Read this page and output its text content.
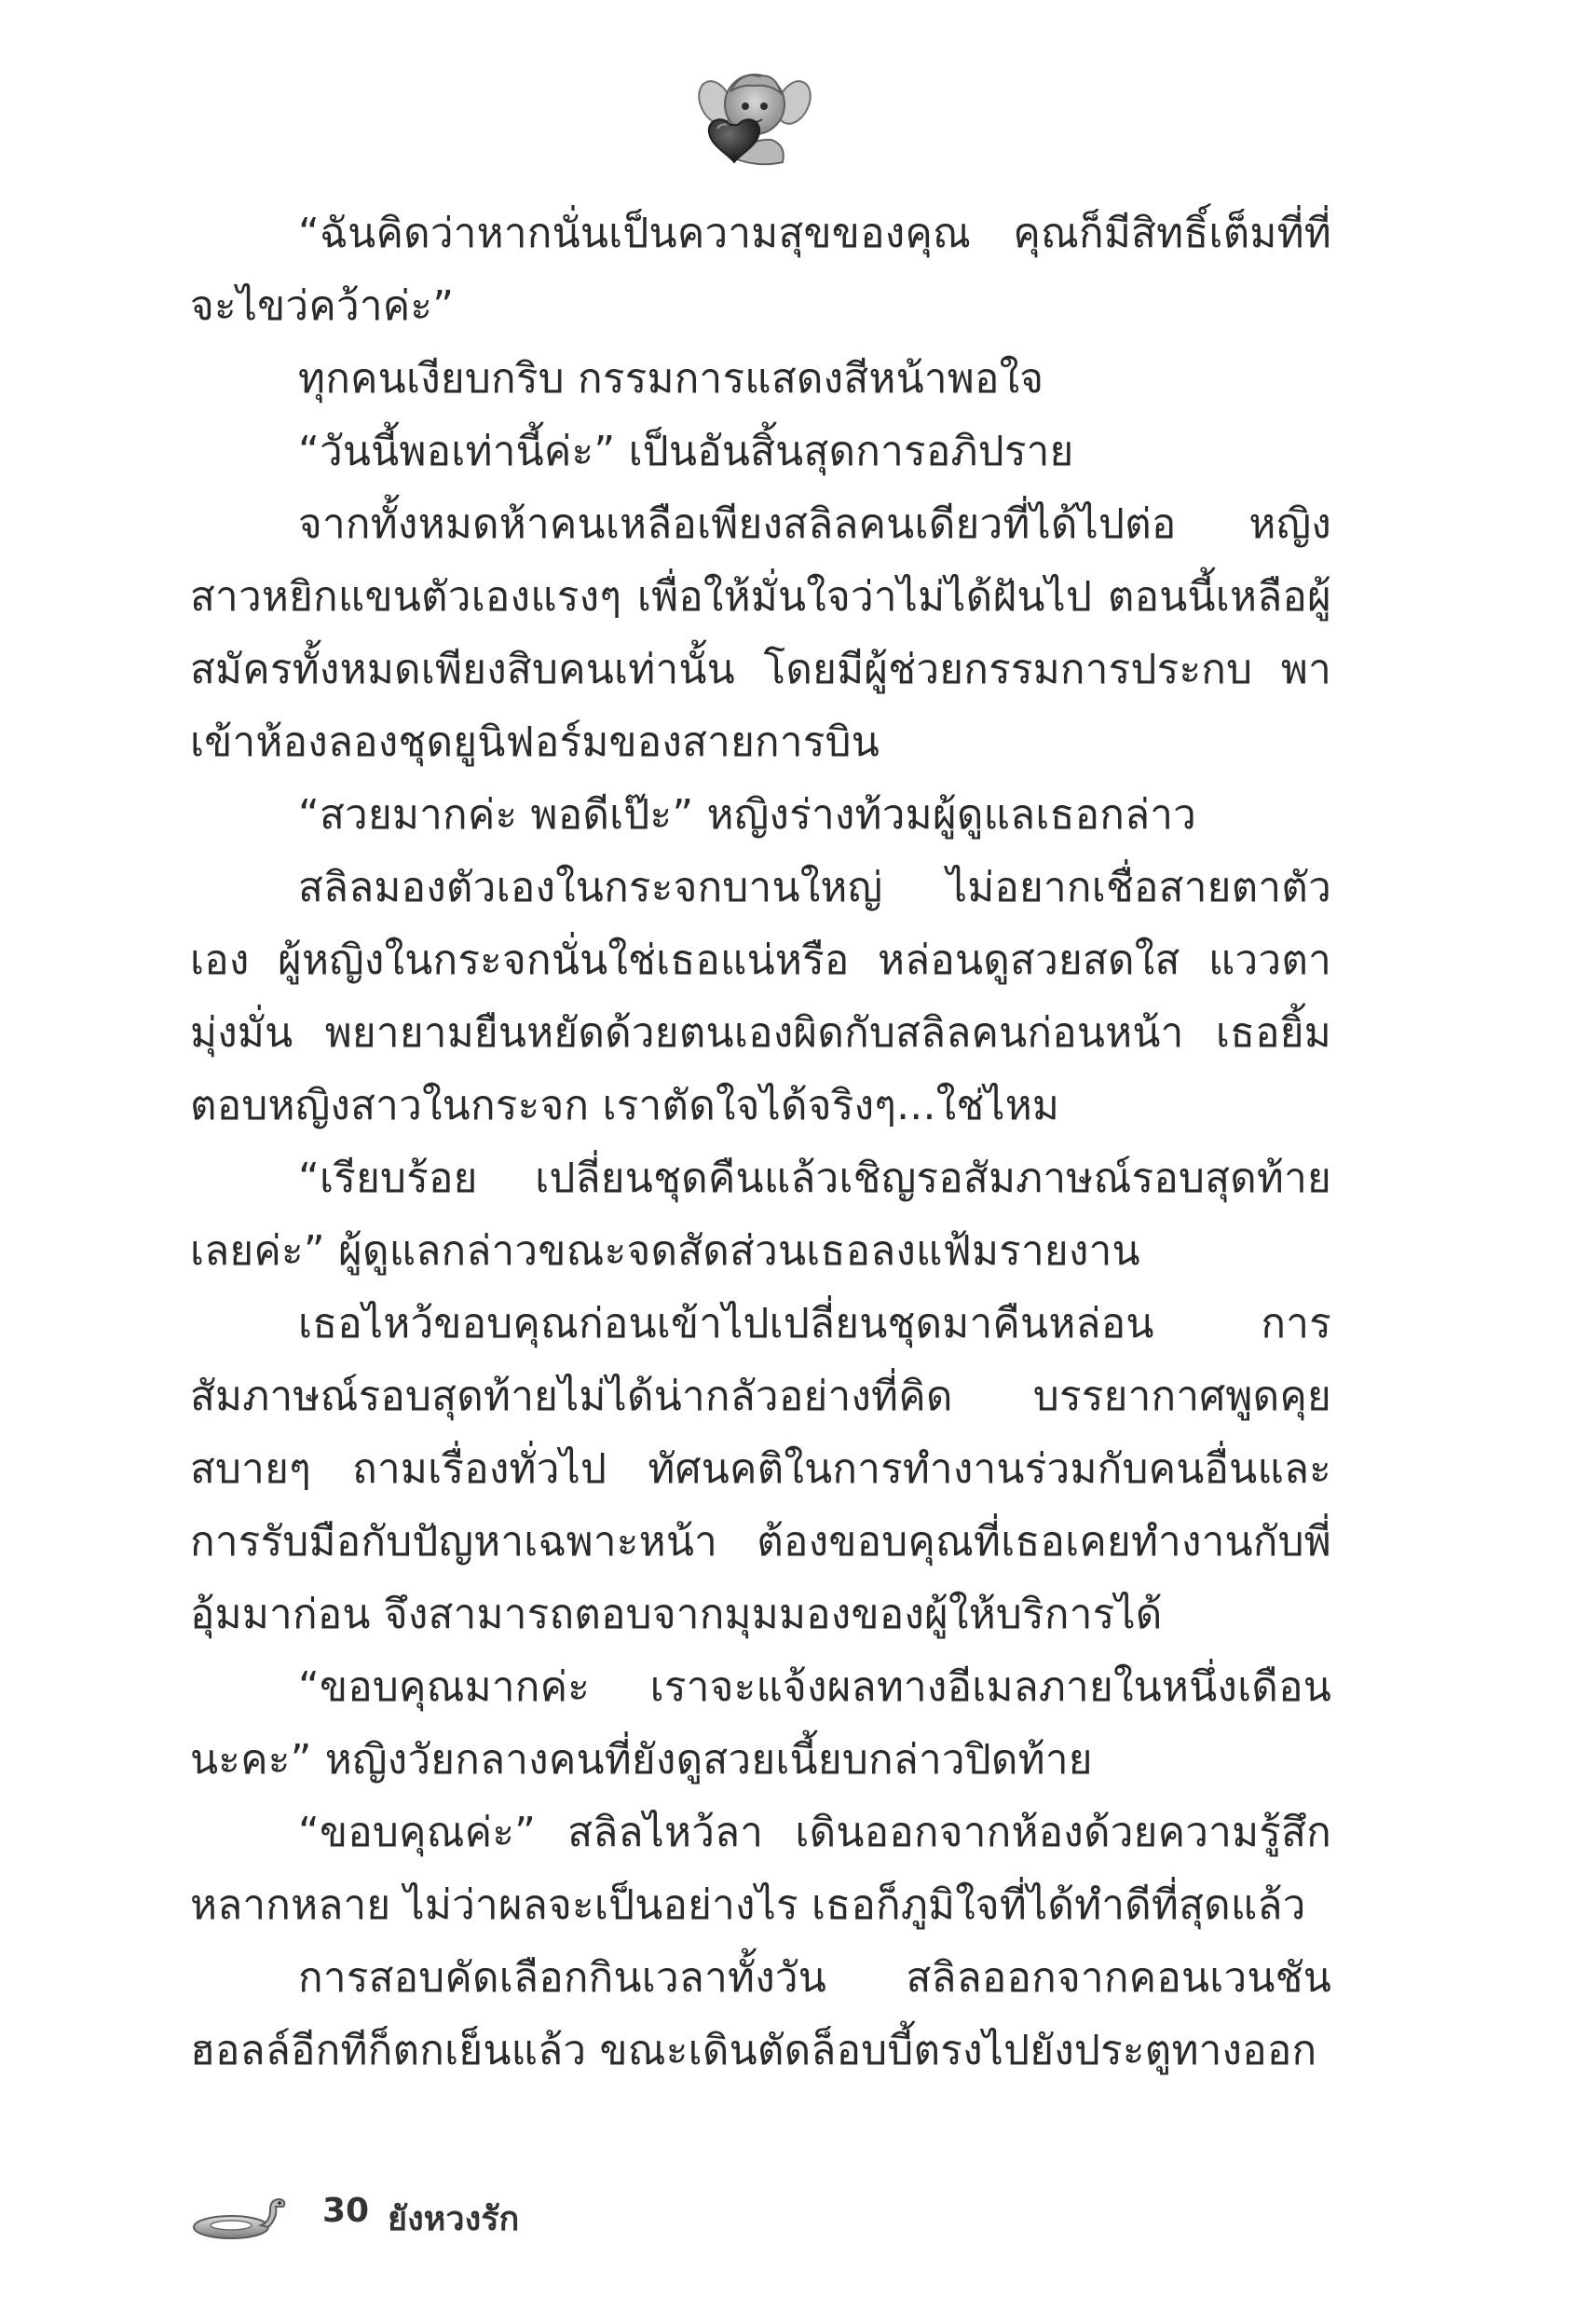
“ฉันคิดว่าหากนั่นเป็นความสุขของคุณ คุณก็มีสิทธิ์เต็มที่ที่จะไขว่คว้าค่ะ”

ทุกคนเงียบกริบ กรรมการแสดงสีหน้าพอใจ

“วันนี้พอเท่านี้ค่ะ” เป็นอันสิ้นสุดการอภิปราย

จากทั้งหมดห้าคนเหลือเพียงสลิลคนเดียวที่ได้ไปต่อ หญิงสาวหยิกแขนตัวเองแรงๆ เพื่อให้มั่นใจว่าไม่ได้ฝันไป ตอนนี้เหลือผู้สมัครทั้งหมดเพียงสิบคนเท่านั้น โดยมีผู้ช่วยกรรมการประกบ พาเข้าห้องลองชุดยูนิฟอร์มของสายการบิน

“สวยมากค่ะ พอดีเป๊ะ” หญิงร่างท้วมผู้ดูแลเธอกล่าว

สลิลมองตัวเองในกระจกบานใหญ่ ไม่อยากเชื่อสายตาตัวเอง ผู้หญิงในกระจกนั่นใช่เธอแน่หรือ หล่อนดูสวยสดใส แววตามุ่งมั่น พยายามยืนหยัดด้วยตนเองผิดกับสลิลคนก่อนหน้า เธอยิ้มตอบหญิงสาวในกระจก เราตัดใจได้จริงๆ...ใช่ไหม

“เรียบร้อย เปลี่ยนชุดคืนแล้วเชิญรอสัมภาษณ์รอบสุดท้ายเลยค่ะ” ผู้ดูแลกล่าวขณะจดสัดส่วนเธอลงแฟ้มรายงาน

เธอไหว้ขอบคุณก่อนเข้าไปเปลี่ยนชุดมาคืนหล่อน การสัมภาษณ์รอบสุดท้ายไม่ได้น่ากลัวอย่างที่คิด บรรยากาศพูดคุยสบายๆ ถามเรื่องทั่วไป ทัศนคติในการทำงานร่วมกับคนอื่นและการรับมือกับปัญหาเฉพาะหน้า ต้องขอบคุณที่เธอเคยทำงานกับพี่อุ้มมาก่อน จึงสามารถตอบจากมุมมองของผู้ให้บริการได้

“ขอบคุณมากค่ะ เราจะแจ้งผลทางอีเมลภายในหนึ่งเดือนนะคะ” หญิงวัยกลางคนที่ยังดูสวยเนี้ยบกล่าวปิดท้าย

“ขอบคุณค่ะ” สลิลไหว้ลา เดินออกจากห้องด้วยความรู้สึกหลากหลาย ไม่ว่าผลจะเป็นอย่างไร เธอก็ภูมิใจที่ได้ทำดีที่สุดแล้ว

การสอบคัดเลือกกินเวลาทั้งวัน สลิลออกจากคอนเวนชันฮอลล์อีกทีก็ตกเย็นแล้ว ขณะเดินตัดล็อบบี้ตรงไปยังประตูทางออก

30 ยังหวงรัก
